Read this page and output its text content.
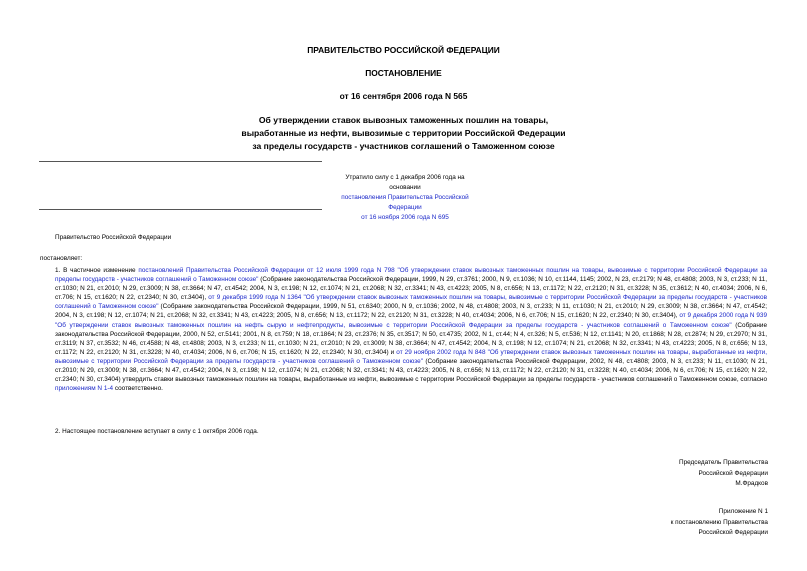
ПРАВИТЕЛЬСТВО РОССИЙСКОЙ ФЕДЕРАЦИИ
ПОСТАНОВЛЕНИЕ
от 16 сентября 2006 года N 565
Об утверждении ставок вывозных таможенных пошлин на товары,
выработанные из нефти, вывозимые с территории Российской Федерации
за пределы государств - участников соглашений о Таможенном союзе
Утратило силу с 1 декабря 2006 года на основании
постановления Правительства Российской Федерации
от 16 ноября 2006 года N 695
Правительство Российской Федерации
постановляет:
1. В частичное изменение постановлений Правительства Российской Федерации от 12 июля 1999 года N 798 "Об утверждении ставок вывозных таможенных пошлин на товары, вывозимые с территории Российской Федерации за пределы государств - участников соглашений о Таможенном союзе" (Собрание законодательства Российской Федерации, 1999, N 29, ст.3761; 2000, N 9, ст.1036; N 10, ст.1144, 1145; 2002, N 23, ст.2179; N 48, ст.4808; 2003, N 3, ст.233; N 11, ст.1030; N 21, ст.2010; N 29, ст.3009; N 38, ст.3664; N 47, ст.4542; 2004, N 3, ст.198; N 12, ст.1074; N 21, ст.2068; N 32, ст.3341; N 43, ст.4223; 2005, N 8, ст.656; N 13, ст.1172; N 22, ст.2120; N 31, ст.3228; N 35, ст.3612; N 40, ст.4034; 2006, N 6, ст.706; N 15, ст.1620; N 22, ст.2340; N 30, ст.3404), от 9 декабря 1999 года N 1364 "Об утверждении ставок вывозных таможенных пошлин на товары, вывозимые с территории Российской Федерации за пределы государств - участников соглашений о Таможенном союзе" (Собрание законодательства Российской Федерации, 1999, N 51, ст.6340; 2000, N 9, ст.1036; 2002, N 48, ст.4808; 2003, N 3, ст.233; N 11, ст.1030; N 21, ст.2010; N 29, ст.3009; N 38, ст.3664; N 47, ст.4542; 2004, N 3, ст.198; N 12, ст.1074; N 21, ст.2068; N 32, ст.3341; N 43, ст.4223; 2005, N 8, ст.656; N 13, ст.1172; N 22, ст.2120; N 31, ст.3228; N 40, ст.4034; 2006, N 6, ст.706; N 15, ст.1620; N 22, ст.2340; N 30, ст.3404), от 9 декабря 2000 года N 939 "Об утверждении ставок вывозных таможенных пошлин на нефть сырую и нефтепродукты, вывозимые с территории Российской Федерации за пределы государств - участников соглашений о Таможенном союзе" (Собрание законодательства Российской Федерации, 2000, N 52, ст.5141; 2001, N 8, ст.759; N 18, ст.1864; N 23, ст.2376; N 35, ст.3517; N 50, ст.4735; 2002, N 1, ст.44; N 4, ст.326; N 5, ст.536; N 12, ст.1141; N 20, ст.1868; N 28, ст.2874; N 29, ст.2970; N 31, ст.3119; N 37, ст.3532; N 46, ст.4588; N 48, ст.4808; 2003, N 3, ст.233; N 11, ст.1030; N 21, ст.2010; N 29, ст.3009; N 38, ст.3664; N 47, ст.4542; 2004, N 3, ст.198; N 12, ст.1074; N 21, ст.2068; N 32, ст.3341; N 43, ст.4223; 2005, N 8, ст.656; N 13, ст.1172; N 22, ст.2120; N 31, ст.3228; N 40, ст.4034; 2006, N 6, ст.706; N 15, ст.1620; N 22, ст.2340; N 30, ст.3404) и от 29 ноября 2002 года N 848 "Об утверждении ставок вывозных таможенных пошлин на товары, выработанные из нефти, вывозимые с территории Российской Федерации за пределы государств - участников соглашений о Таможенном союзе" (Собрание законодательства Российской Федерации, 2002, N 48, ст.4808; 2003, N 3, ст.233; N 11, ст.1030; N 21, ст.2010; N 29, ст.3009; N 38, ст.3664; N 47, ст.4542; 2004, N 3, ст.198; N 12, ст.1074; N 21, ст.2068; N 32, ст.3341; N 43, ст.4223; 2005, N 8, ст.656; N 13, ст.1172; N 22, ст.2120; N 31, ст.3228; N 40, ст.4034; 2006, N 6, ст.706; N 15, ст.1620; N 22, ст.2340; N 30, ст.3404) утвердить ставки вывозных таможенных пошлин на товары, выработанные из нефти, вывозимые с территории Российской Федерации за пределы государств - участников соглашений о Таможенном союзе, согласно приложениям N 1-4 соответственно.
2. Настоящее постановление вступает в силу с 1 октября 2006 года.
Председатель Правительства
Российской Федерации
М.Фрадков
Приложение N 1
к постановлению Правительства
Российской Федерации
